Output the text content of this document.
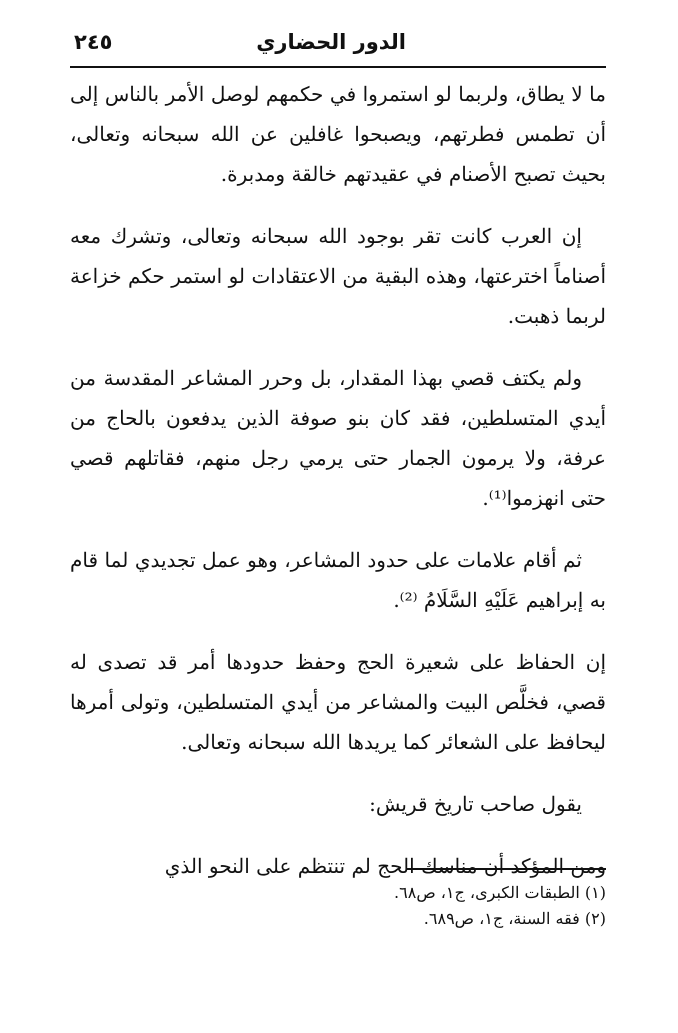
الدور الحضاري
٢٤٥

ما لا يطاق، ولربما لو استمروا في حكمهم لوصل الأمر بالناس إلى أن تطمس فطرتهم، ويصبحوا غافلين عن الله سبحانه وتعالى، بحيث تصبح الأصنام في عقيدتهم خالقة ومدبرة.

إن العرب كانت تقر بوجود الله سبحانه وتعالى، وتشرك معه أصناماً اخترعتها، وهذه البقية من الاعتقادات لو استمر حكم خزاعة لربما ذهبت.

ولم يكتف قصي بهذا المقدار، بل وحرر المشاعر المقدسة من أيدي المتسلطين، فقد كان بنو صوفة الذين يدفعون بالحاج من عرفة، ولا يرمون الجمار حتى يرمي رجل منهم، فقاتلهم قصي حتى انهزموا⁽¹⁾.

ثم أقام علامات على حدود المشاعر، وهو عمل تجديدي لما قام به إبراهيم عَلَيْهِ السَّلَامُ ⁽²⁾.

إن الحفاظ على شعيرة الحج وحفظ حدودها أمر قد تصدى له قصي، فخلَّص البيت والمشاعر من أيدي المتسلطين، وتولى أمرها ليحافظ على الشعائر كما يريدها الله سبحانه وتعالى.

يقول صاحب تاريخ قريش:

ومن المؤكد أن مناسك الحج لم تنتظم على النحو الذي

(١) الطبقات الكبرى، ج١، ص٦٨.

(٢) فقه السنة، ج١، ص٦٨٩.
